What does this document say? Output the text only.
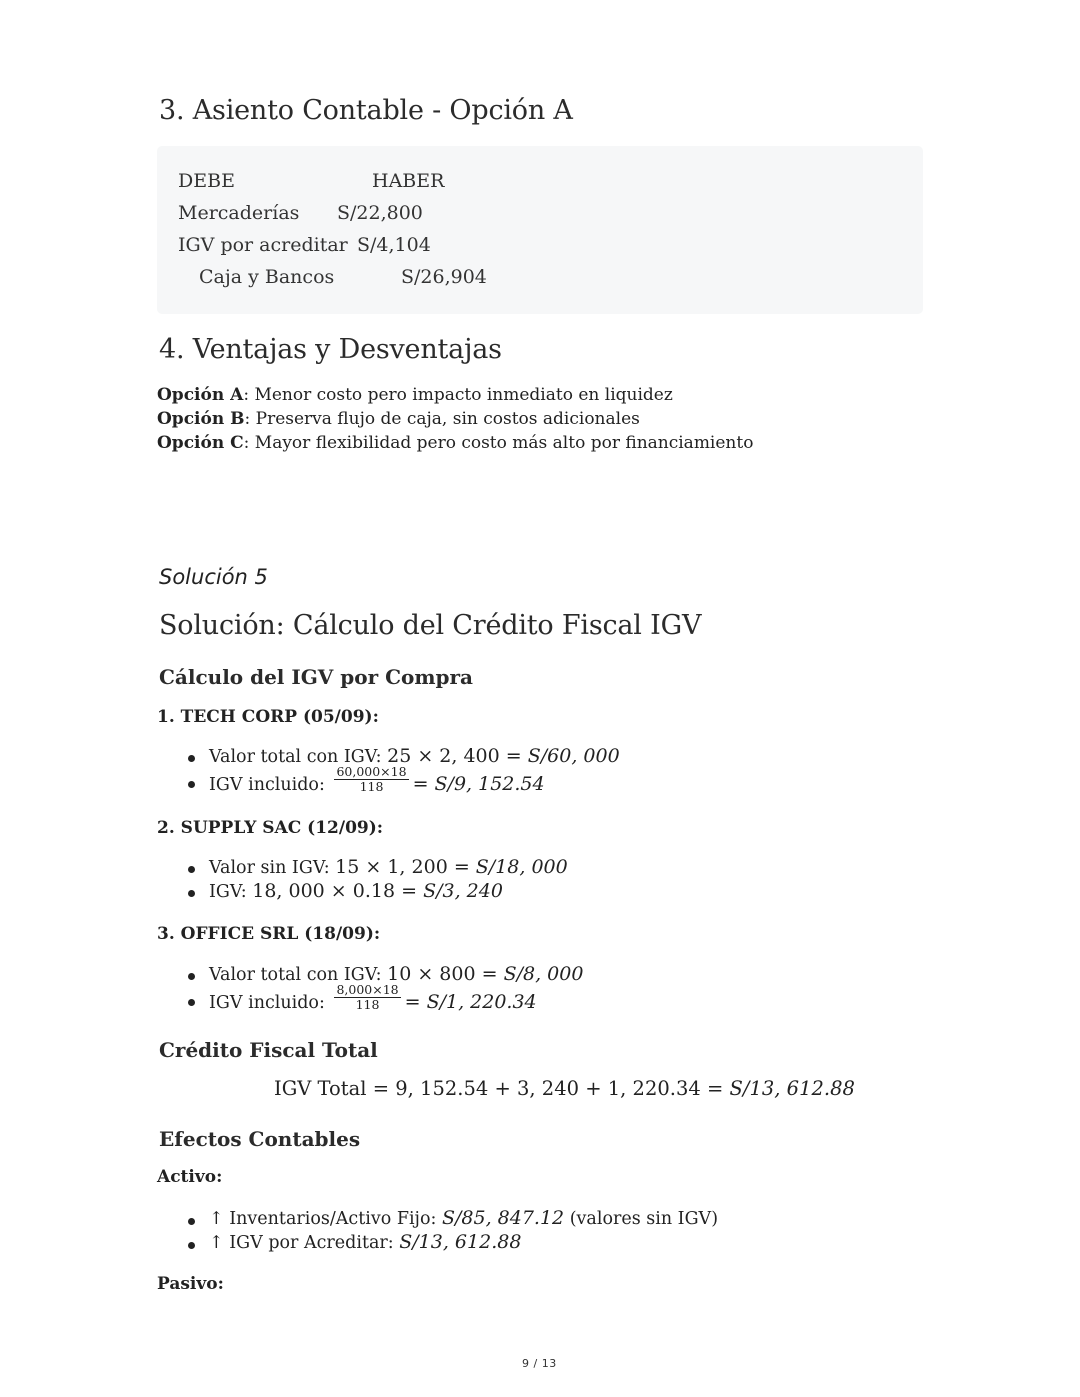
3. Asiento Contable - Opción A
DEBE	HABER
Mercaderías S/22,800
IGV por acreditar S/4,104
Caja y Bancos	S/26,904
4. Ventajas y Desventajas
Opción A: Menor costo pero impacto inmediato en liquidez
Opción B: Preserva flujo de caja, sin costos adicionales
Opción C: Mayor flexibilidad pero costo más alto por financiamiento
Solución 5
Solución: Cálculo del Crédito Fiscal IGV
Cálculo del IGV por Compra
1. TECH CORP (05/09):
Valor total con IGV: 25 × 2, 400 = S/60, 000
IGV incluido: $\frac{60,000\times 18}{118} = S/9$, 152.54
2. SUPPLY SAC (12/09):
Valor sin IGV: 15 × 1, 200 = S/18, 000
IGV: 18, 000 × 0.18 = S/3, 240
3. OFFICE SRL (18/09):
Valor total con IGV: 10 × 800 = S/8, 000
IGV incluido: $\frac{8,000\times 18}{118} = S/1$, 220.34
Crédito Fiscal Total
IGV Total = 9, 152.54 + 3, 240 + 1, 220.34 = S/13, 612.88
Efectos Contables
Activo:
↑ Inventarios/Activo Fijo: S/85, 847.12 (valores sin IGV)
↑ IGV por Acreditar: S/13, 612.88
Pasivo:
9 / 13
